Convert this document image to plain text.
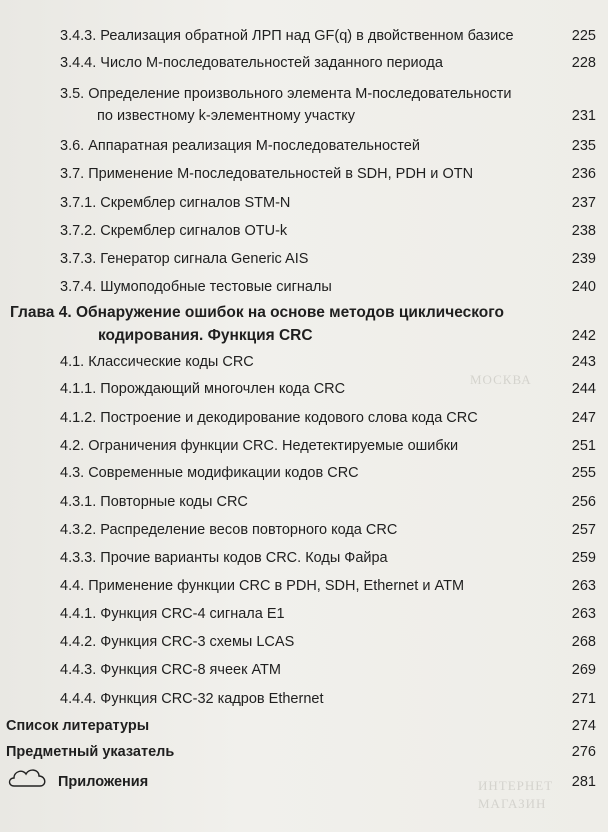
МОСКВА
ИНТЕРНЕТ
МАГАЗИН
3.4.3. Реализация обратной ЛРП над GF(q) в двойственном базисе	225
3.4.4. Число М-последовательностей заданного периода	228
3.5. Определение произвольного элемента М-последовательности
по известному k-элементному участку	231
3.6. Аппаратная реализация М-последовательностей	235
3.7. Применение М-последовательностей в SDH, PDH и OTN	236
3.7.1. Скремблер сигналов STM-N	237
3.7.2. Скремблер сигналов OTU-k	238
3.7.3. Генератор сигнала Generic AIS	239
3.7.4. Шумоподобные тестовые сигналы	240
Глава 4. Обнаружение ошибок на основе методов циклического
кодирования. Функция CRC	242
4.1. Классические коды CRC	243
4.1.1. Порождающий многочлен кода CRC	244
4.1.2. Построение и декодирование кодового слова кода CRC	247
4.2. Ограничения функции CRC. Недетектируемые ошибки	251
4.3. Современные модификации кодов CRC	255
4.3.1. Повторные коды CRC	256
4.3.2. Распределение весов повторного кода CRC	257
4.3.3. Прочие варианты кодов CRC. Коды Файра	259
4.4. Применение функции CRC в PDH, SDH, Ethernet и ATM	263
4.4.1. Функция CRC-4 сигнала E1	263
4.4.2. Функция CRC-3 схемы LCAS	268
4.4.3. Функция CRC-8 ячеек ATM	269
4.4.4. Функция CRC-32 кадров Ethernet	271
Список литературы	274
Предметный указатель	276
Приложения	281
